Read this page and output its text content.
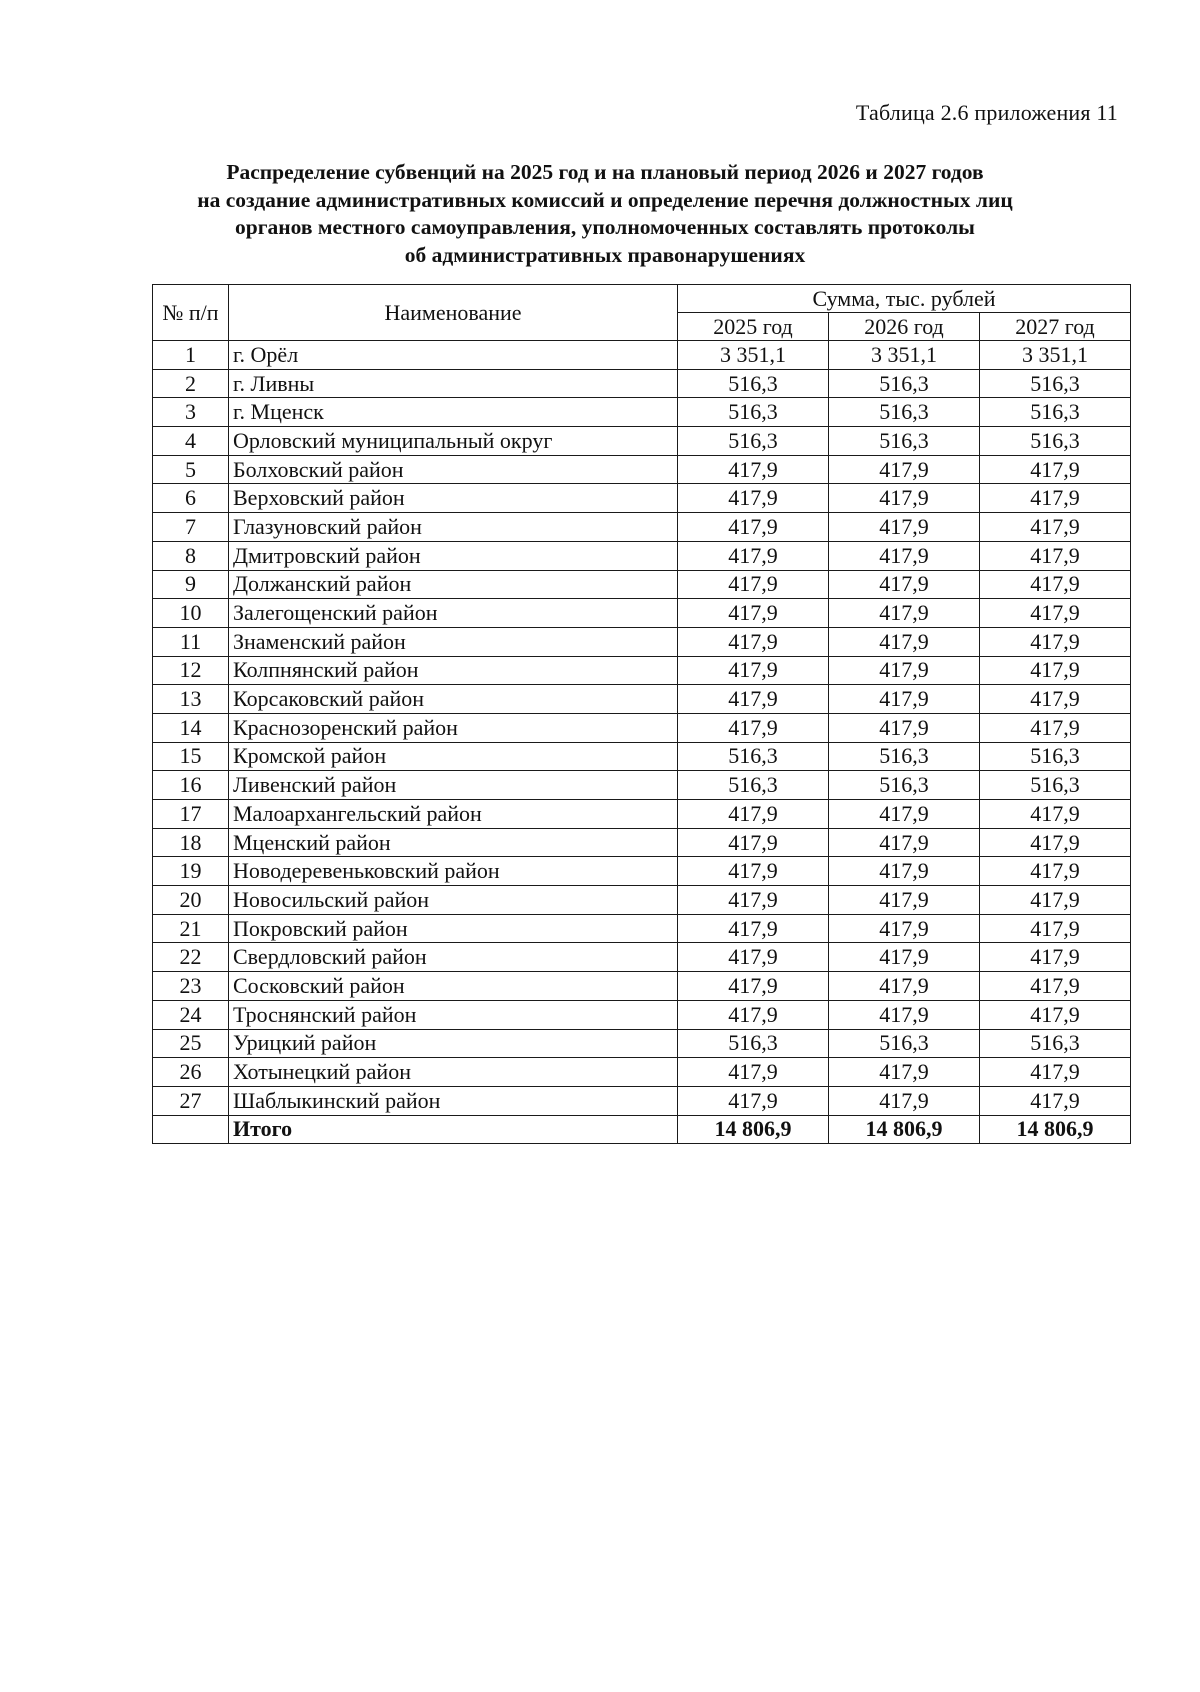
Таблица 2.6 приложения 11
Распределение субвенций на 2025 год и на плановый период 2026 и 2027 годов
на создание административных комиссий и определение перечня должностных лиц
органов местного самоуправления, уполномоченных составлять протоколы
об административных правонарушениях
№ п/п	Наименование	Сумма, тыс. рублей		
		2025 год	2026 год	2027 год
1	г. Орёл	3 351,1	3 351,1	3 351,1
2	г. Ливны	516,3	516,3	516,3
3	г. Мценск	516,3	516,3	516,3
4	Орловский муниципальный округ	516,3	516,3	516,3
5	Болховский район	417,9	417,9	417,9
6	Верховский район	417,9	417,9	417,9
7	Глазуновский район	417,9	417,9	417,9
8	Дмитровский район	417,9	417,9	417,9
9	Должанский район	417,9	417,9	417,9
10	Залегощенский район	417,9	417,9	417,9
11	Знаменский район	417,9	417,9	417,9
12	Колпнянский район	417,9	417,9	417,9
13	Корсаковский район	417,9	417,9	417,9
14	Краснозоренский район	417,9	417,9	417,9
15	Кромской район	516,3	516,3	516,3
16	Ливенский район	516,3	516,3	516,3
17	Малоархангельский район	417,9	417,9	417,9
18	Мценский район	417,9	417,9	417,9
19	Новодеревеньковский район	417,9	417,9	417,9
20	Новосильский район	417,9	417,9	417,9
21	Покровский район	417,9	417,9	417,9
22	Свердловский район	417,9	417,9	417,9
23	Сосковский район	417,9	417,9	417,9
24	Троснянский район	417,9	417,9	417,9
25	Урицкий район	516,3	516,3	516,3
26	Хотынецкий район	417,9	417,9	417,9
27	Шаблыкинский район	417,9	417,9	417,9
	Итого	14 806,9	14 806,9	14 806,9
